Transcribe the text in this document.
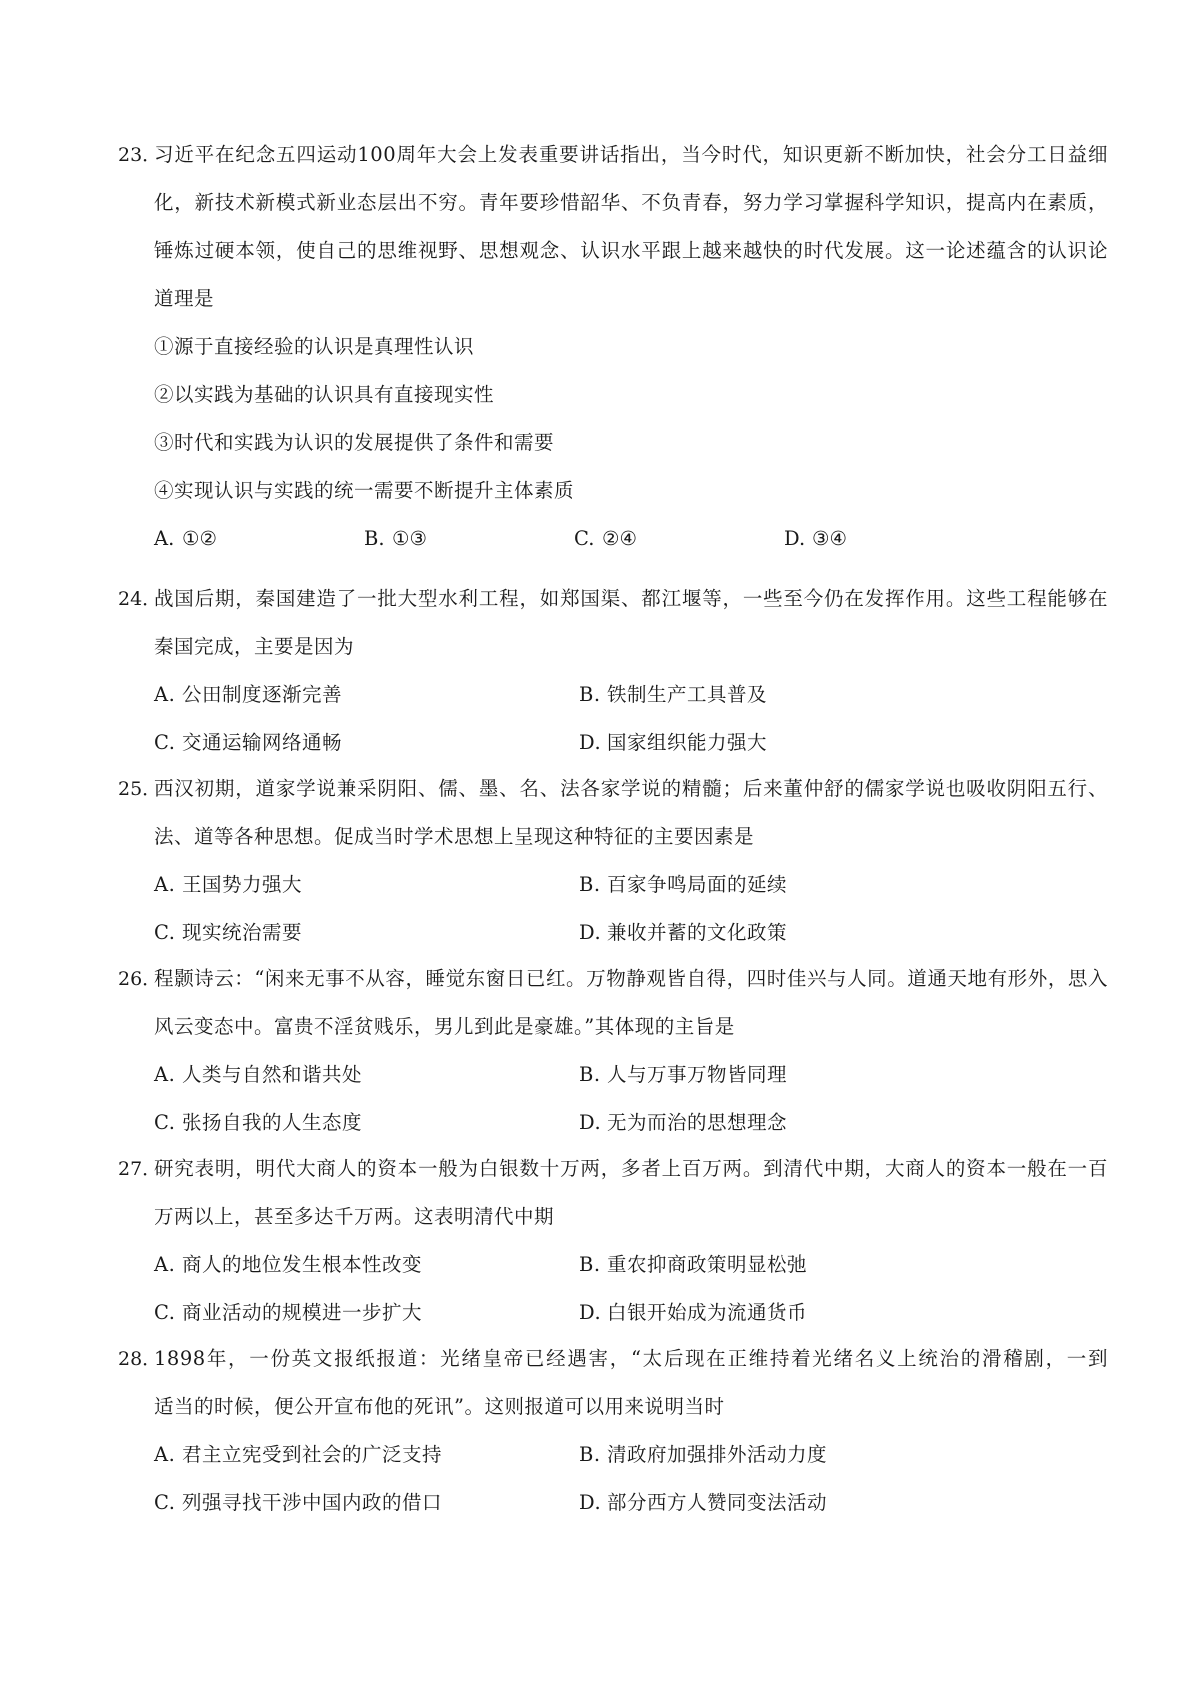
23．
习近平在纪念五四运动100周年大会上发表重要讲话指出，当今时代，知识更新不断加快，社会分工日益细化，新技术新模式新业态层出不穷。青年要珍惜韶华、不负青春，努力学习掌握科学知识，提高内在素质，锤炼过硬本领，使自己的思维视野、思想观念、认识水平跟上越来越快的时代发展。这一论述蕴含的认识论道理是
①源于直接经验的认识是真理性认识
②以实践为基础的认识具有直接现实性
③时代和实践为认识的发展提供了条件和需要
④实现认识与实践的统一需要不断提升主体素质
A. ①②	B. ①③	C. ②④	D. ③④
24．
战国后期，秦国建造了一批大型水利工程，如郑国渠、都江堰等，一些至今仍在发挥作用。这些工程能够在秦国完成，主要是因为
A. 公田制度逐渐完善	B. 铁制生产工具普及
C. 交通运输网络通畅	D. 国家组织能力强大
25．
西汉初期，道家学说兼采阴阳、儒、墨、名、法各家学说的精髓；后来董仲舒的儒家学说也吸收阴阳五行、法、道等各种思想。促成当时学术思想上呈现这种特征的主要因素是
A. 王国势力强大	B. 百家争鸣局面的延续
C. 现实统治需要	D. 兼收并蓄的文化政策
26．
程颢诗云：“闲来无事不从容，睡觉东窗日已红。万物静观皆自得，四时佳兴与人同。道通天地有形外，思入风云变态中。富贵不淫贫贱乐，男儿到此是豪雄。”其体现的主旨是
A. 人类与自然和谐共处	B. 人与万事万物皆同理
C. 张扬自我的人生态度	D. 无为而治的思想理念
27．
研究表明，明代大商人的资本一般为白银数十万两，多者上百万两。到清代中期，大商人的资本一般在一百万两以上，甚至多达千万两。这表明清代中期
A. 商人的地位发生根本性改变	B. 重农抑商政策明显松弛
C. 商业活动的规模进一步扩大	D. 白银开始成为流通货币
28．
1898年，一份英文报纸报道：光绪皇帝已经遇害，“太后现在正维持着光绪名义上统治的滑稽剧，一到　　适当的时候，便公开宣布他的死讯”。这则报道可以用来说明当时
A. 君主立宪受到社会的广泛支持	B. 清政府加强排外活动力度
C. 列强寻找干涉中国内政的借口	D. 部分西方人赞同变法活动
